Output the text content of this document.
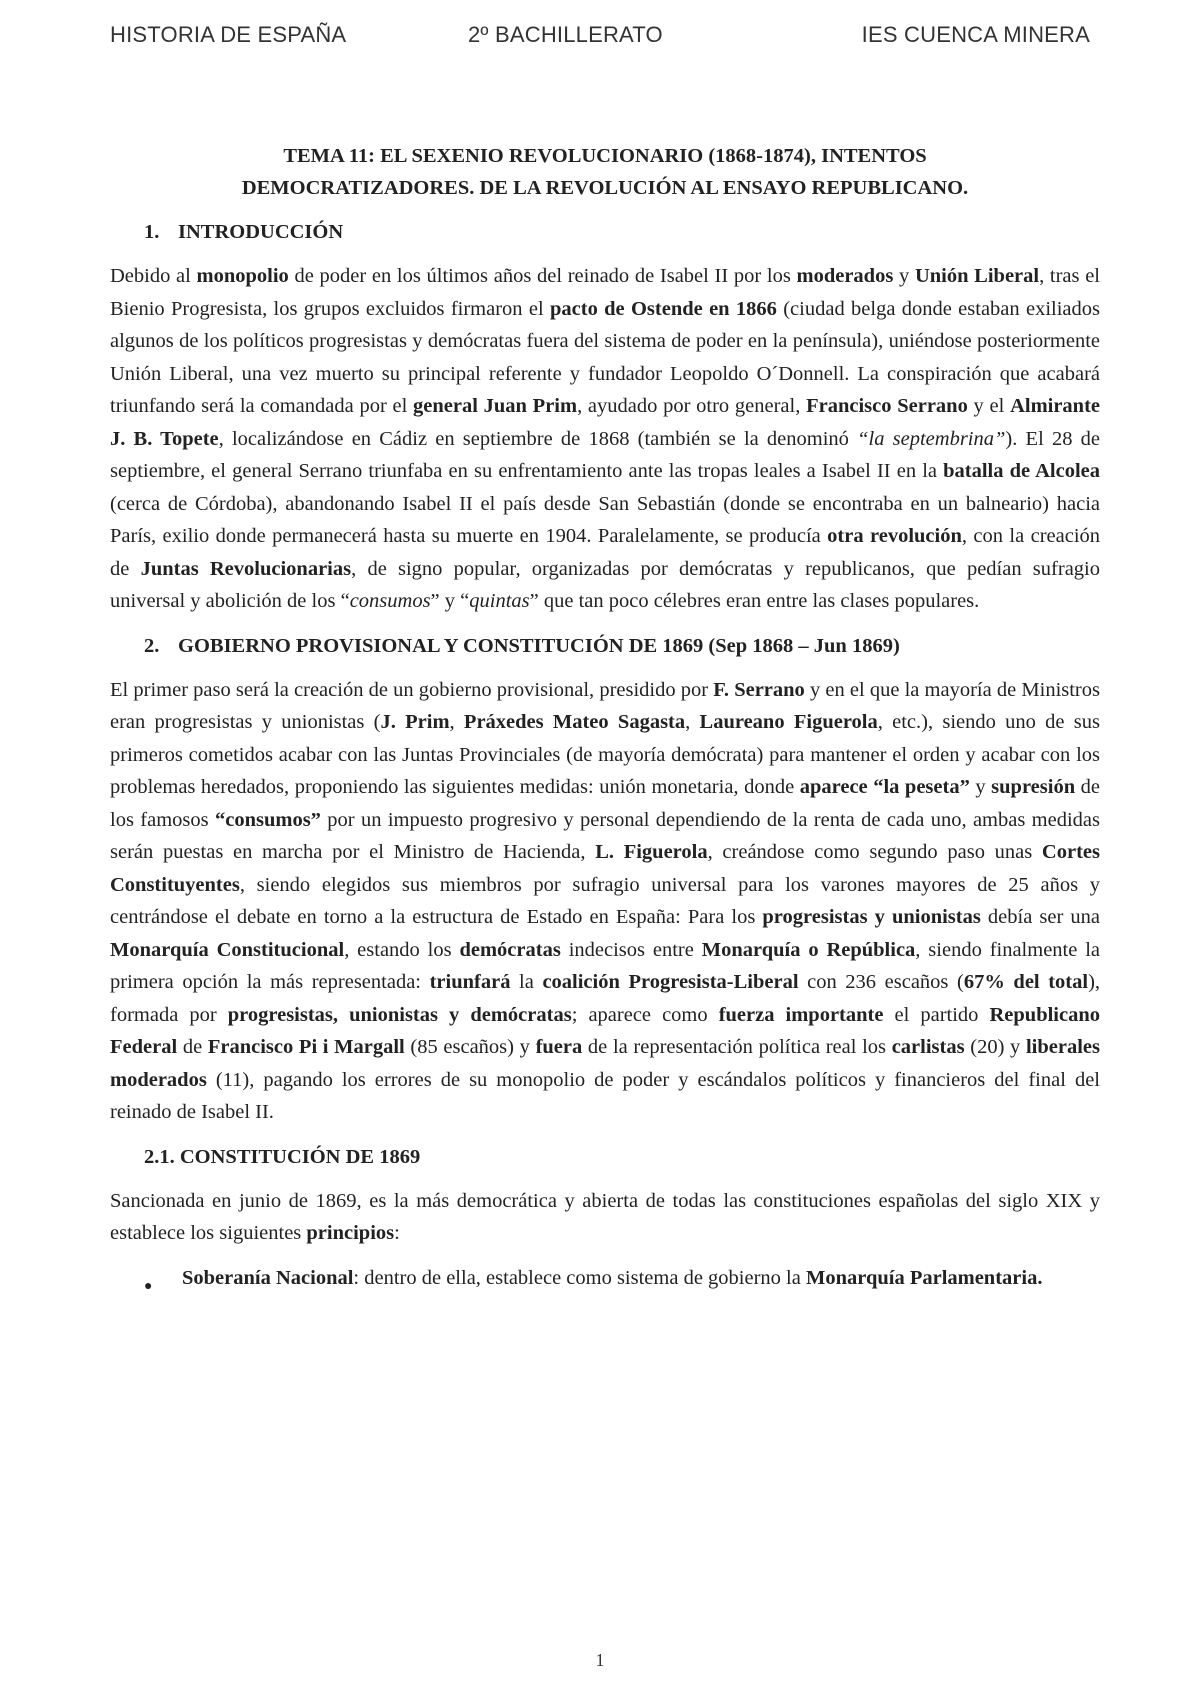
HISTORIA DE ESPAÑA	2º BACHILLERATO	IES CUENCA MINERA
TEMA 11: EL SEXENIO REVOLUCIONARIO (1868-1874), INTENTOS
DEMOCRATIZADORES. DE LA REVOLUCIÓN AL ENSAYO REPUBLICANO.
1. INTRODUCCIÓN

Debido al monopolio de poder en los últimos años del reinado de Isabel II por los moderados y Unión Liberal, tras el Bienio Progresista, los grupos excluidos firmaron el pacto de Ostende en 1866 (ciudad belga donde estaban exiliados algunos de los políticos progresistas y demócratas fuera del sistema de poder en la península), uniéndose posteriormente Unión Liberal, una vez muerto su principal referente y fundador Leopoldo O´Donnell. La conspiración que acabará triunfando será la comandada por el general Juan Prim, ayudado por otro general, Francisco Serrano y el Almirante J. B. Topete, localizándose en Cádiz en septiembre de 1868 (también se la denominó “la septembrina”). El 28 de septiembre, el general Serrano triunfaba en su enfrentamiento ante las tropas leales a Isabel II en la batalla de Alcolea (cerca de Córdoba), abandonando Isabel II el país desde San Sebastián (donde se encontraba en un balneario) hacia París, exilio donde permanecerá hasta su muerte en 1904. Paralelamente, se producía otra revolución, con la creación de Juntas Revolucionarias, de signo popular, organizadas por demócratas y republicanos, que pedían sufragio universal y abolición de los “consumos” y “quintas” que tan poco célebres eran entre las clases populares.

2. GOBIERNO PROVISIONAL Y CONSTITUCIÓN DE 1869 (Sep 1868 – Jun 1869)

El primer paso será la creación de un gobierno provisional, presidido por F. Serrano y en el que la mayoría de Ministros eran progresistas y unionistas (J. Prim, Práxedes Mateo Sagasta, Laureano Figuerola, etc.), siendo uno de sus primeros cometidos acabar con las Juntas Provinciales (de mayoría demócrata) para mantener el orden y acabar con los problemas heredados, proponiendo las siguientes medidas: unión monetaria, donde aparece “la peseta” y supresión de los famosos “consumos” por un impuesto progresivo y personal dependiendo de la renta de cada uno, ambas medidas serán puestas en marcha por el Ministro de Hacienda, L. Figuerola, creándose como segundo paso unas Cortes Constituyentes, siendo elegidos sus miembros por sufragio universal para los varones mayores de 25 años y centrándose el debate en torno a la estructura de Estado en España: Para los progresistas y unionistas debía ser una Monarquía Constitucional, estando los demócratas indecisos entre Monarquía o República, siendo finalmente la primera opción la más representada: triunfará la coalición Progresista-Liberal con 236 escaños (67% del total), formada por progresistas, unionistas y demócratas; aparece como fuerza importante el partido Republicano Federal de Francisco Pi i Margall (85 escaños) y fuera de la representación política real los carlistas (20) y liberales moderados (11), pagando los errores de su monopolio de poder y escándalos políticos y financieros del final del reinado de Isabel II.

2.1. CONSTITUCIÓN DE 1869

Sancionada en junio de 1869, es la más democrática y abierta de todas las constituciones españolas del siglo XIX y establece los siguientes principios:

● Soberanía Nacional: dentro de ella, establece como sistema de gobierno la Monarquía Parlamentaria.
1
